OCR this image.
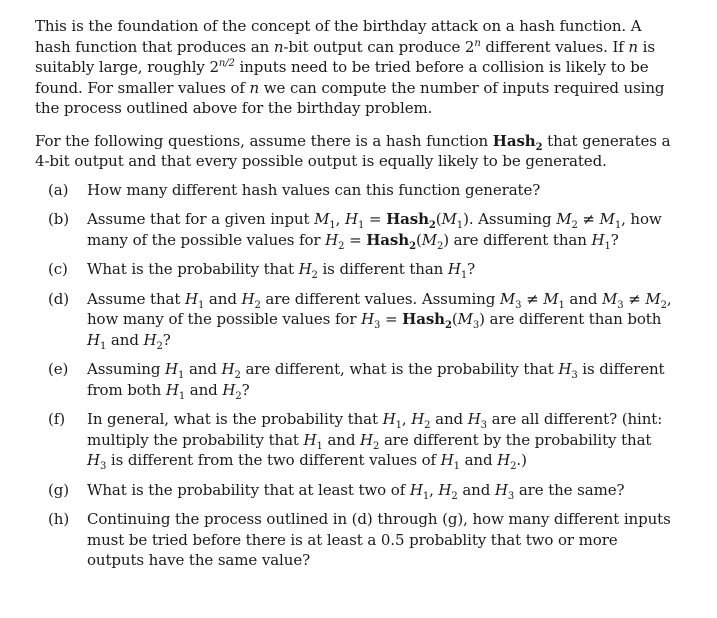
This is the foundation of the concept of the birthday attack on a hash function. A hash function that produces an n-bit output can produce 2$^n$ different values. If n is suitably large, roughly $2^{n/2}$ inputs need to be tried before a collision is likely to be found. For smaller values of n we can compute the number of inputs required using the process outlined above for the birthday problem.

For the following questions, assume there is a hash function Hash$_2$ that generates a 4-bit output and that every possible output is equally likely to be generated.

(a) How many different hash values can this function generate?
(b) Assume that for a given input $M_1$, $H_1$ = $Hash_2(M_1)$. Assuming $M_2 \ne M_1$, how many of the possible values for $H_2$ = $Hash_2(M_2)$ are different than $H_1$?
(c) What is the probability that $H_2$ is different than $H_1$?
(d) Assume that $H_1$ and $H_2$ are different values. Assuming $M_3 \ne M_1$ and $M_3 \ne M_2$, how many of the possible values for $H_3$ = $Hash_2(M_3)$ are different than both $H_1$ and $H_2$?
(e) Assuming $H_1$ and $H_2$ are different, what is the probability that $H_3$ is different from both $H_1$ and $H_2$?
(f) In general, what is the probability that $H_1$, $H_2$ and $H_3$ are all different? (hint: multiply the probability that $H_1$ and $H_2$ are different by the probability that $H_3$ is different from the two different values of $H_1$ and $H_2$.)
(g) What is the probability that at least two of $H_1$, $H_2$ and $H_3$ are the same?
(h) Continuing the process outlined in (d) through (g), how many different inputs must be tried before there is at least a 0.5 probablity that two or more outputs have the same value?
